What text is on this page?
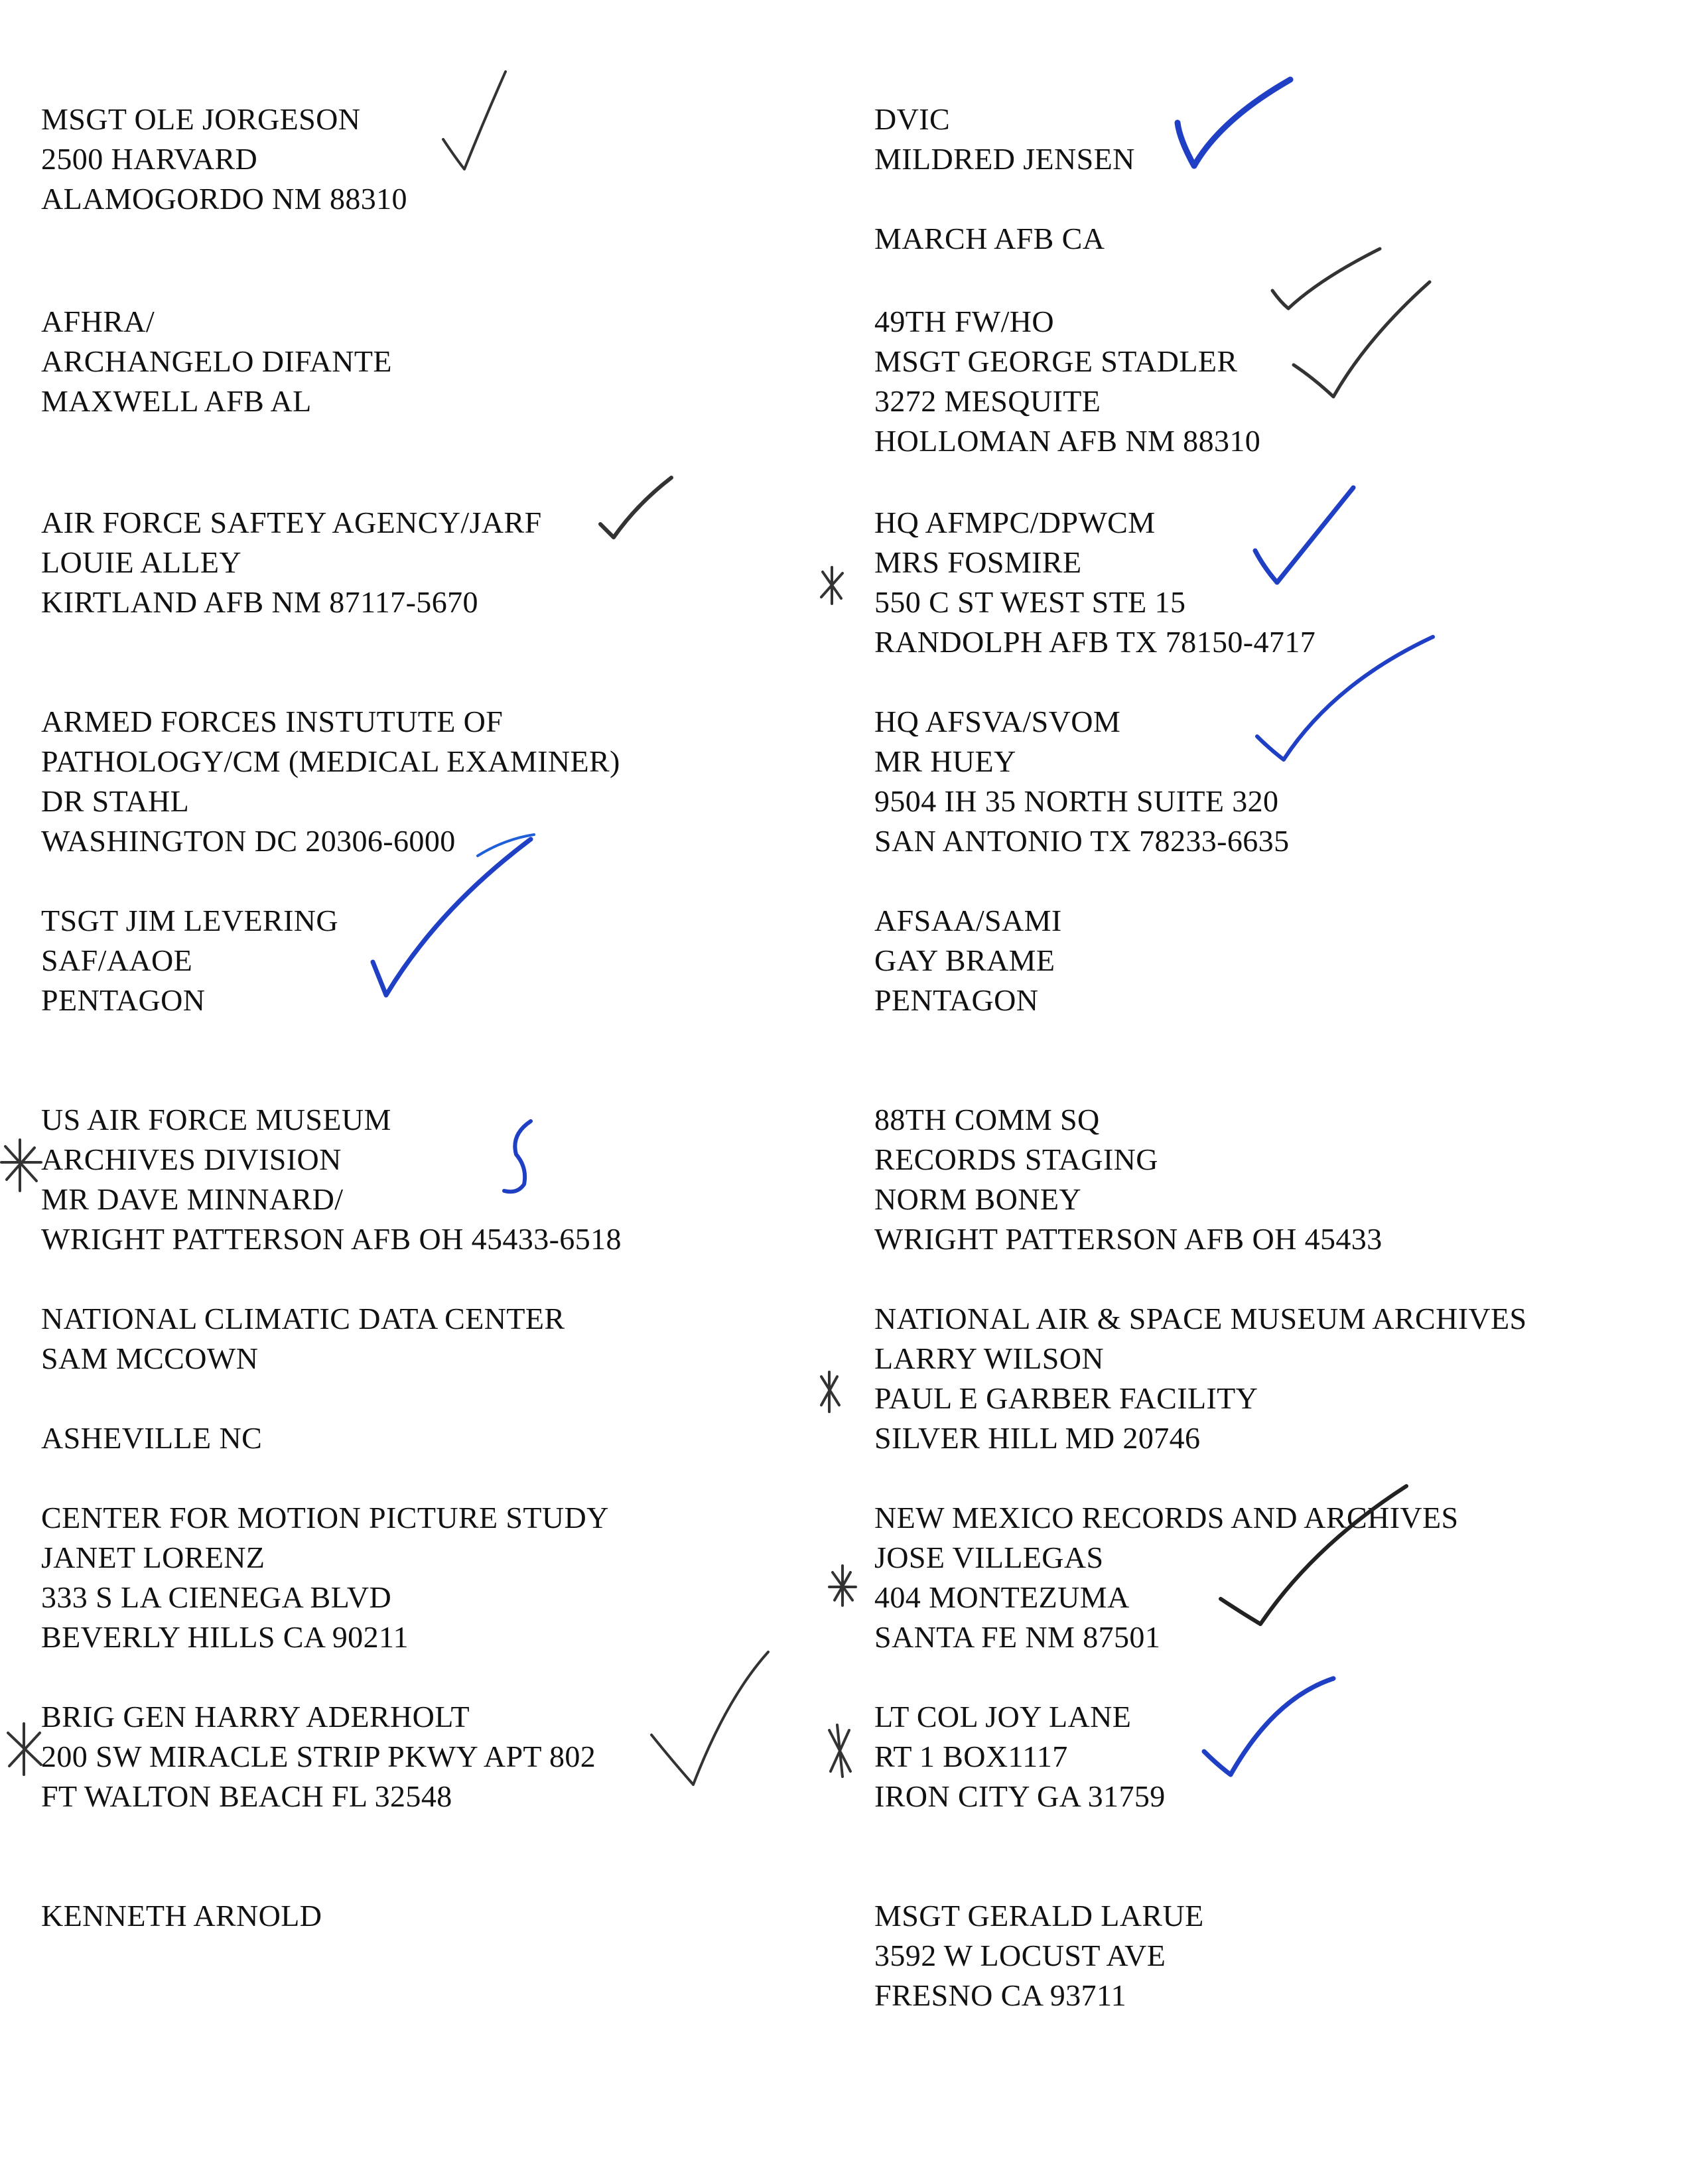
MSGT OLE JORGESON
2500 HARVARD
ALAMOGORDO NM 88310
AFHRA/
ARCHANGELO DIFANTE
MAXWELL AFB AL
AIR FORCE SAFTEY AGENCY/JARF
LOUIE ALLEY
KIRTLAND AFB NM 87117-5670
ARMED FORCES INSTUTUTE OF
PATHOLOGY/CM (MEDICAL EXAMINER)
DR STAHL
WASHINGTON DC 20306-6000
TSGT JIM LEVERING
SAF/AAOE
PENTAGON
US AIR FORCE MUSEUM
ARCHIVES DIVISION
MR DAVE MINNARD/
WRIGHT PATTERSON AFB OH 45433-6518
NATIONAL CLIMATIC DATA CENTER
SAM MCCOWN
ASHEVILLE NC
CENTER FOR MOTION PICTURE STUDY
JANET LORENZ
333 S LA CIENEGA BLVD
BEVERLY HILLS CA 90211
BRIG GEN HARRY ADERHOLT
200 SW MIRACLE STRIP PKWY APT 802
FT WALTON BEACH FL 32548
KENNETH ARNOLD
DVIC
MILDRED JENSEN
MARCH AFB CA
49TH FW/HO
MSGT GEORGE STADLER
3272 MESQUITE
HOLLOMAN AFB NM 88310
HQ AFMPC/DPWCM
MRS FOSMIRE
550 C ST WEST STE 15
RANDOLPH AFB TX 78150-4717
HQ AFSVA/SVOM
MR HUEY
9504 IH 35 NORTH SUITE 320
SAN ANTONIO TX 78233-6635
AFSAA/SAMI
GAY BRAME
PENTAGON
88TH COMM SQ
RECORDS STAGING
NORM BONEY
WRIGHT PATTERSON AFB OH 45433
NATIONAL AIR & SPACE MUSEUM ARCHIVES
LARRY WILSON
PAUL E GARBER FACILITY
SILVER HILL MD 20746
NEW MEXICO RECORDS AND ARCHIVES
JOSE VILLEGAS
404 MONTEZUMA
SANTA FE NM 87501
LT COL JOY LANE
RT 1 BOX1117
IRON CITY GA 31759
MSGT GERALD LARUE
3592 W LOCUST AVE
FRESNO CA 93711
